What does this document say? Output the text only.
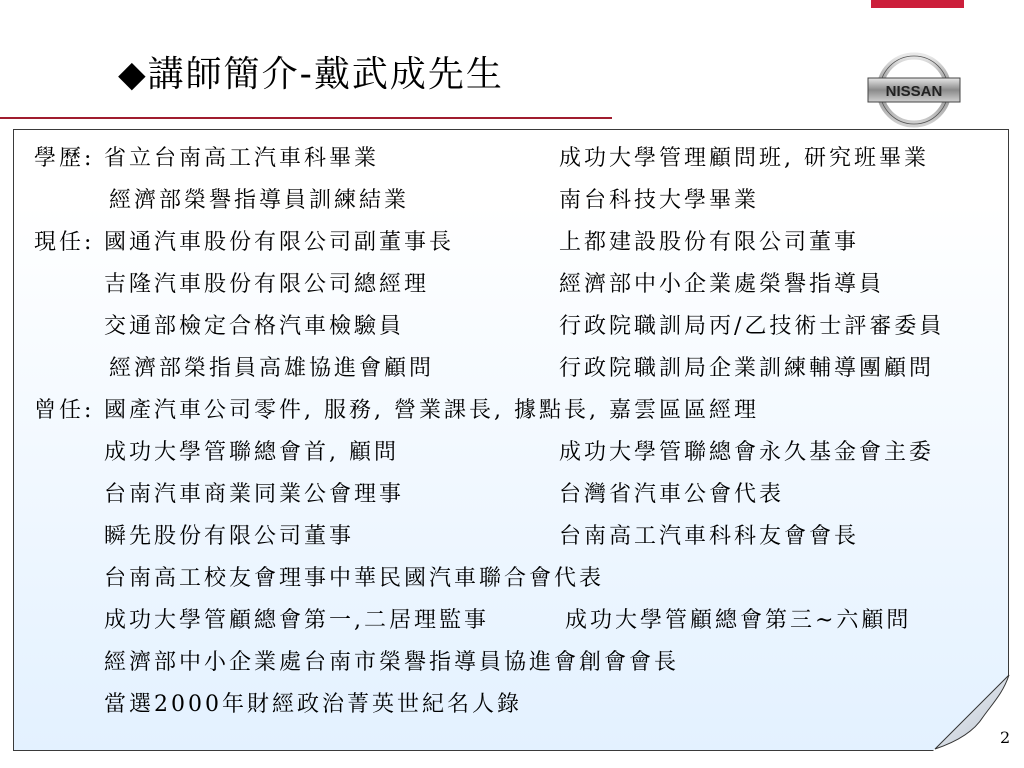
◆講師簡介-戴武成先生	NISSAN
學歷: 省立台南高工汽車科畢業	成功大學管理顧問班, 研究班畢業
經濟部榮譽指導員訓練結業	南台科技大學畢業
現任: 國通汽車股份有限公司副董事長	上都建設股份有限公司董事
吉隆汽車股份有限公司總經理	經濟部中小企業處榮譽指導員
交通部檢定合格汽車檢驗員	行政院職訓局丙/乙技術士評審委員
經濟部榮指員高雄協進會顧問	行政院職訓局企業訓練輔導團顧問
曾任: 國產汽車公司零件, 服務, 營業課長, 據點長, 嘉雲區區經理
成功大學管聯總會首, 顧問	成功大學管聯總會永久基金會主委
台南汽車商業同業公會理事	台灣省汽車公會代表
瞬先股份有限公司董事	台南高工汽車科科友會會長
台南高工校友會理事中華民國汽車聯合會代表
成功大學管顧總會第一,二居理監事	成功大學管顧總會第三~六顧問
經濟部中小企業處台南市榮譽指導員協進會創會會長
當選2000年財經政治菁英世紀名人錄
2
